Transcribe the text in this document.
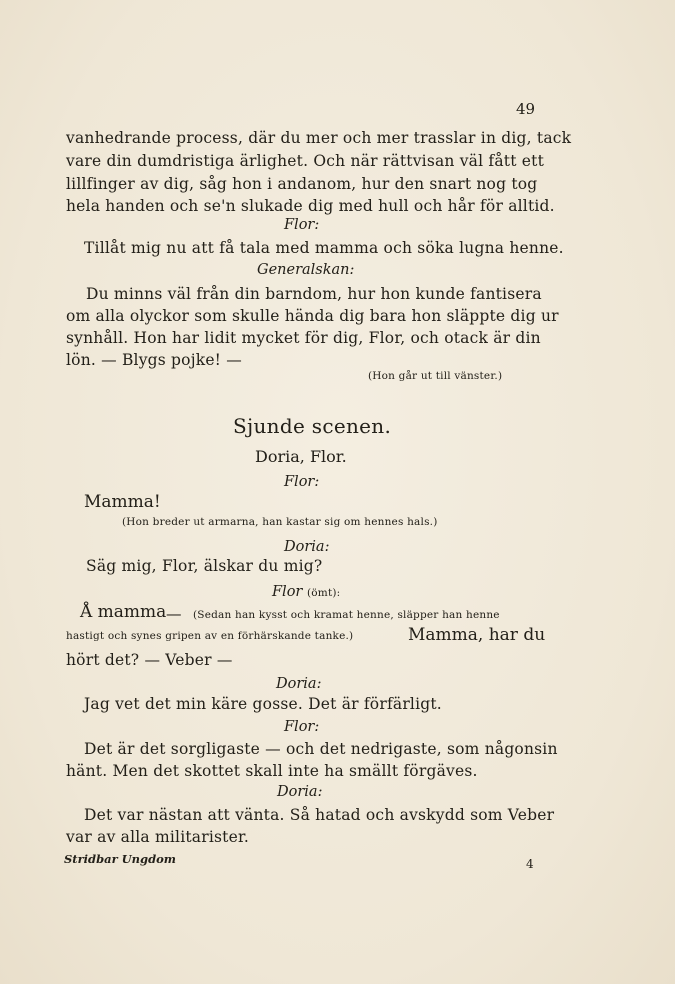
49
vanhedrande process, där du mer och mer trasslar in dig, tack
vare din dumdristiga ärlighet. Och när rättvisan väl fått ett
lillfinger av dig, såg hon i andanom, hur den snart nog tog
hela handen och se'n slukade dig med hull och hår för alltid.
Flor:
Tillåt mig nu att få tala med mamma och söka lugna henne.
Generalskan:
Du minns väl från din barndom, hur hon kunde fantisera
om alla olyckor som skulle hända dig bara hon släppte dig ur
synhåll. Hon har lidit mycket för dig, Flor, och otack är din
lön. — Blygs pojke! —
(Hon går ut till vänster.)
Sjunde scenen.
Doria, Flor.
Flor:
Mamma!
(Hon breder ut armarna, han kastar sig om hennes hals.)
Doria:
Säg mig, Flor, älskar du mig?
Flor (ömt):
Å mamma — (Sedan han kysst och kramat henne, släpper han henne
hastigt och synes gripen av en förhärskande tanke.)	Mamma, har du
hört det? — Veber —
Doria:
Jag vet det min käre gosse. Det är förfärligt.
Flor:
Det är det sorgligaste — och det nedrigaste, som någonsin
hänt. Men det skottet skall inte ha smällt förgäves.
Doria:
Det var nästan att vänta. Så hatad och avskydd som Veber
var av alla militarister.
Stridbar Ungdom	4
